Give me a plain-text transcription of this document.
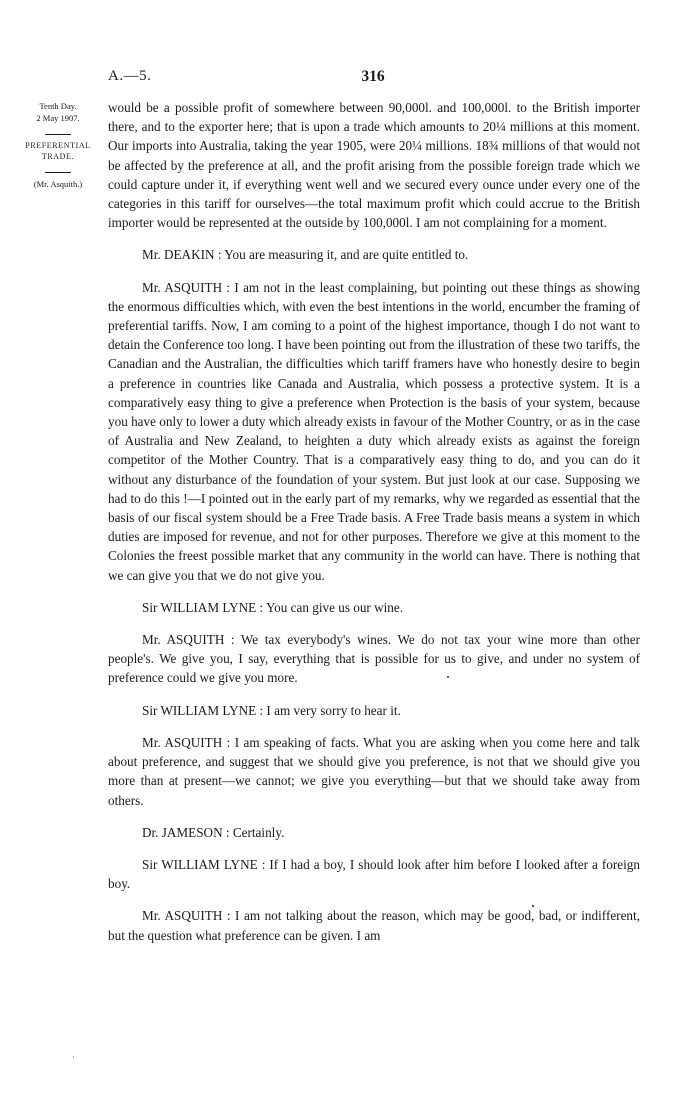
A.—5.	316
Tenth Day.
2 May 1907.
PREFERENTIAL
TRADE.
(Mr. Asquith.)

would be a possible profit of somewhere between 90,000l. and 100,000l. to the British importer there, and to the exporter here; that is upon a trade which amounts to 20¼ millions at this moment. Our imports into Australia, taking the year 1905, were 20¼ millions. 18¾ millions of that would not be affected by the preference at all, and the profit arising from the possible foreign trade which we could capture under it, if everything went well and we secured every ounce under every one of the categories in this tariff for ourselves—the total maximum profit which could accrue to the British importer would be represented at the outside by 100,000l. I am not complaining for a moment.

Mr. DEAKIN : You are measuring it, and are quite entitled to.

Mr. ASQUITH : I am not in the least complaining, but pointing out these things as showing the enormous difficulties which, with even the best intentions in the world, encumber the framing of preferential tariffs. Now, I am coming to a point of the highest importance, though I do not want to detain the Conference too long. I have been pointing out from the illustration of these two tariffs, the Canadian and the Australian, the difficulties which tariff framers have who honestly desire to begin a preference in countries like Canada and Australia, which possess a protective system. It is a comparatively easy thing to give a preference when Protection is the basis of your system, because you have only to lower a duty which already exists in favour of the Mother Country, or as in the case of Australia and New Zealand, to heighten a duty which already exists as against the foreign competitor of the Mother Country. That is a comparatively easy thing to do, and you can do it without any disturbance of the foundation of your system. But just look at our case. Supposing we had to do this !—I pointed out in the early part of my remarks, why we regarded as essential that the basis of our fiscal system should be a Free Trade basis. A Free Trade basis means a system in which duties are imposed for revenue, and not for other purposes. Therefore we give at this moment to the Colonies the freest possible market that any community in the world can have. There is nothing that we can give you that we do not give you.

Sir WILLIAM LYNE : You can give us our wine.

Mr. ASQUITH : We tax everybody's wines. We do not tax your wine more than other people's. We give you, I say, everything that is possible for us to give, and under no system of preference could we give you more.

Sir WILLIAM LYNE : I am very sorry to hear it.

Mr. ASQUITH : I am speaking of facts. What you are asking when you come here and talk about preference, and suggest that we should give you preference, is not that we should give you more than at present—we cannot; we give you everything—but that we should take away from others.

Dr. JAMESON : Certainly.

Sir WILLIAM LYNE : If I had a boy, I should look after him before I looked after a foreign boy.

Mr. ASQUITH : I am not talking about the reason, which may be good, bad, or indifferent, but the question what preference can be given. I am

·
